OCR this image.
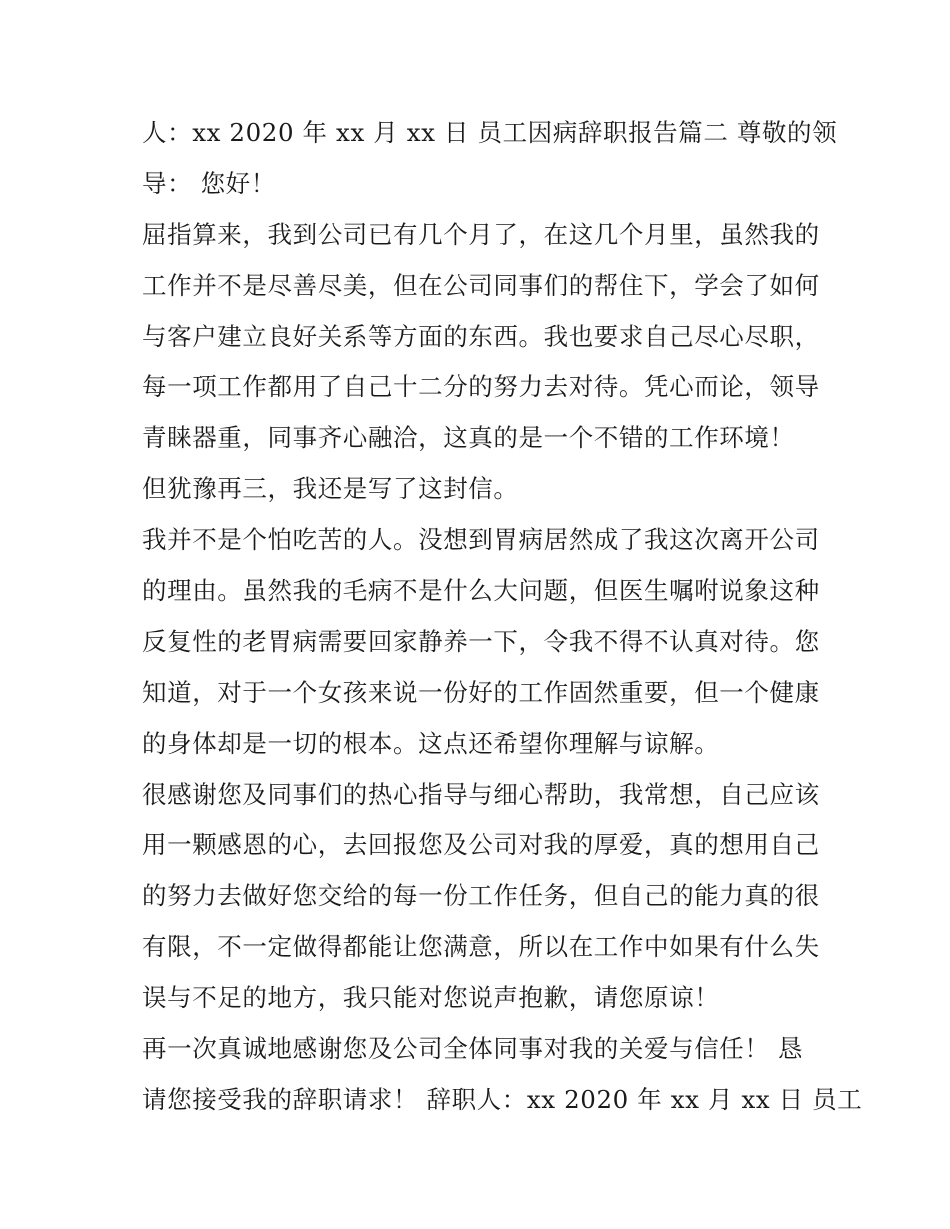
人：xx 2020 年 xx 月 xx 日 员工因病辞职报告篇二 尊敬的领
导： 您好！
屈指算来，我到公司已有几个月了，在这几个月里，虽然我的
工作并不是尽善尽美，但在公司同事们的帮住下，学会了如何
与客户建立良好关系等方面的东西。我也要求自己尽心尽职，
每一项工作都用了自己十二分的努力去对待。凭心而论，领导
青睐器重，同事齐心融洽，这真的是一个不错的工作环境！
但犹豫再三，我还是写了这封信。
我并不是个怕吃苦的人。没想到胃病居然成了我这次离开公司
的理由。虽然我的毛病不是什么大问题，但医生嘱咐说象这种
反复性的老胃病需要回家静养一下，令我不得不认真对待。您
知道，对于一个女孩来说一份好的工作固然重要，但一个健康
的身体却是一切的根本。这点还希望你理解与谅解。
很感谢您及同事们的热心指导与细心帮助，我常想，自己应该
用一颗感恩的心，去回报您及公司对我的厚爱，真的想用自己
的努力去做好您交给的每一份工作任务，但自己的能力真的很
有限，不一定做得都能让您满意，所以在工作中如果有什么失
误与不足的地方，我只能对您说声抱歉，请您原谅！
再一次真诚地感谢您及公司全体同事对我的关爱与信任！ 恳
请您接受我的辞职请求！ 辞职人：xx 2020 年 xx 月 xx 日 员工
